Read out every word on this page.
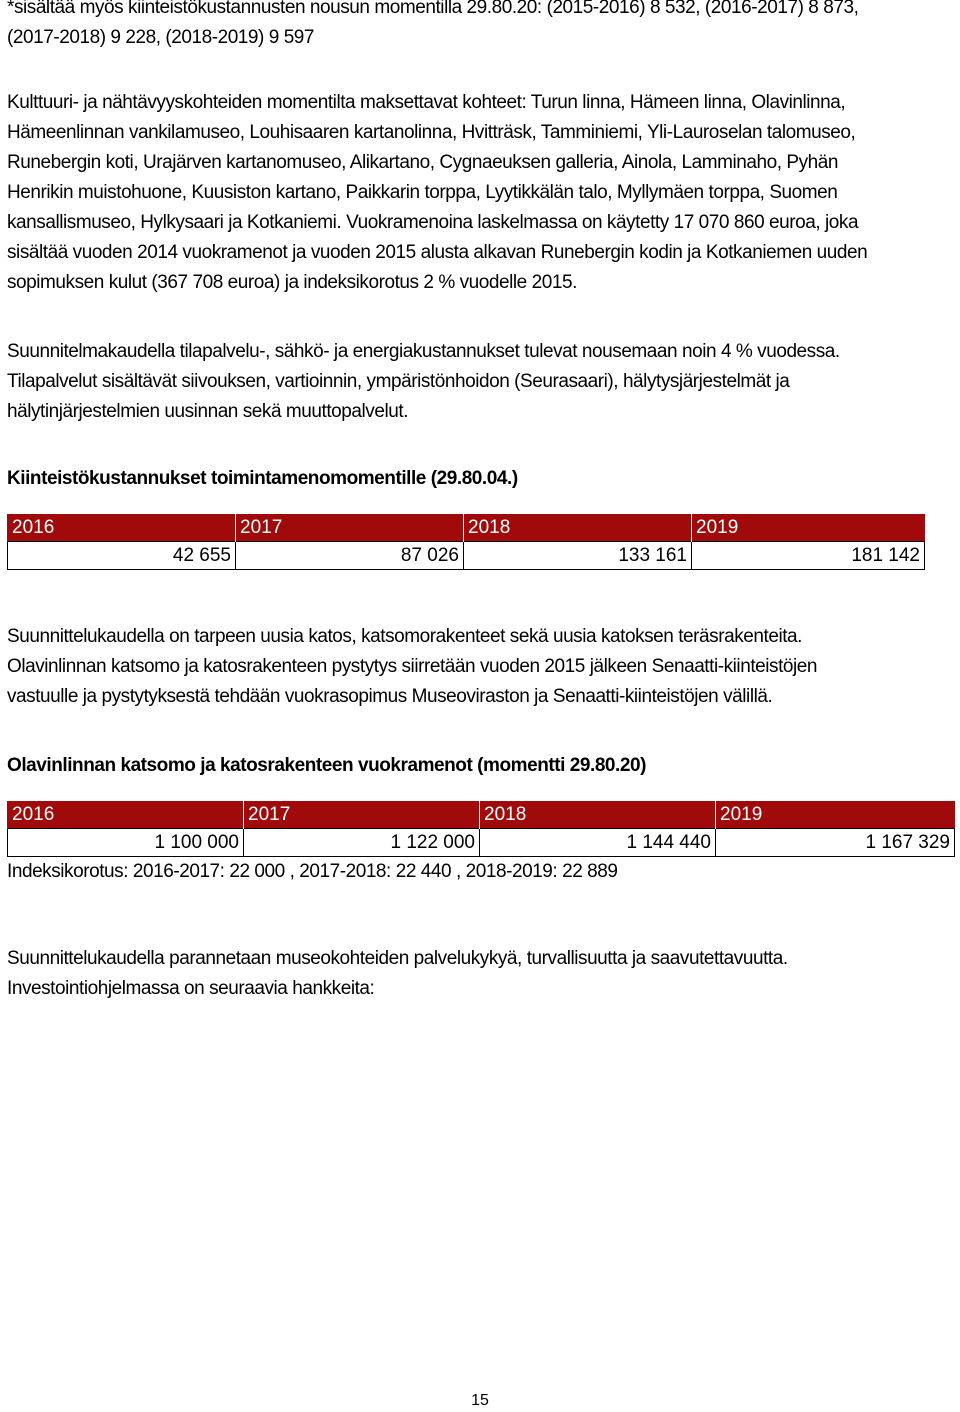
*sisältää myös kiinteistökustannusten nousun momentilla 29.80.20: (2015-2016) 8 532, (2016-2017) 8 873,
(2017-2018) 9 228, (2018-2019) 9 597
Kulttuuri- ja nähtävyyskohteiden momentilta maksettavat kohteet: Turun linna, Hämeen linna, Olavinlinna,
Hämeenlinnan vankilamuseo, Louhisaaren kartanolinna, Hvitträsk, Tamminiemi, Yli-Lauroselan talomuseo,
Runebergin koti, Urajärven kartanomuseo, Alikartano, Cygnaeuksen galleria, Ainola, Lamminaho, Pyhän
Henrikin muistohuone, Kuusiston kartano, Paikkarin torppa, Lyytikkälän talo, Myllymäen torppa, Suomen
kansallismuseo, Hylkysaari ja Kotkaniemi. Vuokramenoina laskelmassa on käytetty 17 070 860 euroa, joka
sisältää vuoden 2014 vuokramenot ja vuoden 2015 alusta alkavan Runebergin kodin ja Kotkaniemen uuden
sopimuksen kulut (367 708 euroa) ja indeksikorotus 2 % vuodelle 2015.
Suunnitelmakaudella tilapalvelu-, sähkö- ja energiakustannukset tulevat nousemaan noin 4 % vuodessa.
Tilapalvelut sisältävät siivouksen, vartioinnin, ympäristönhoidon (Seurasaari), hälytysjärjestelmät ja
hälytinjärjestelmien uusinnan sekä muuttopalvelut.
Kiinteistökustannukset toimintamenomomentille (29.80.04.)
2016	2017	2018	2019
42 655	87 026	133 161	181 142
Suunnittelukaudella on tarpeen uusia katos, katsomorakenteet sekä uusia katoksen teräsrakenteita.
Olavinlinnan katsomo ja katosrakenteen pystytys siirretään vuoden 2015 jälkeen Senaatti-kiinteistöjen
vastuulle ja pystytyksestä tehdään vuokrasopimus Museoviraston ja Senaatti-kiinteistöjen välillä.
Olavinlinnan katsomo ja katosrakenteen vuokramenot (momentti 29.80.20)
2016	2017	2018	2019
1 100 000	1 122 000	1 144 440	1 167 329
Indeksikorotus: 2016-2017: 22 000 , 2017-2018: 22 440 , 2018-2019: 22 889
Suunnittelukaudella parannetaan museokohteiden palvelukykyä, turvallisuutta ja saavutettavuutta.
Investointiohjelmassa on seuraavia hankkeita:
15
